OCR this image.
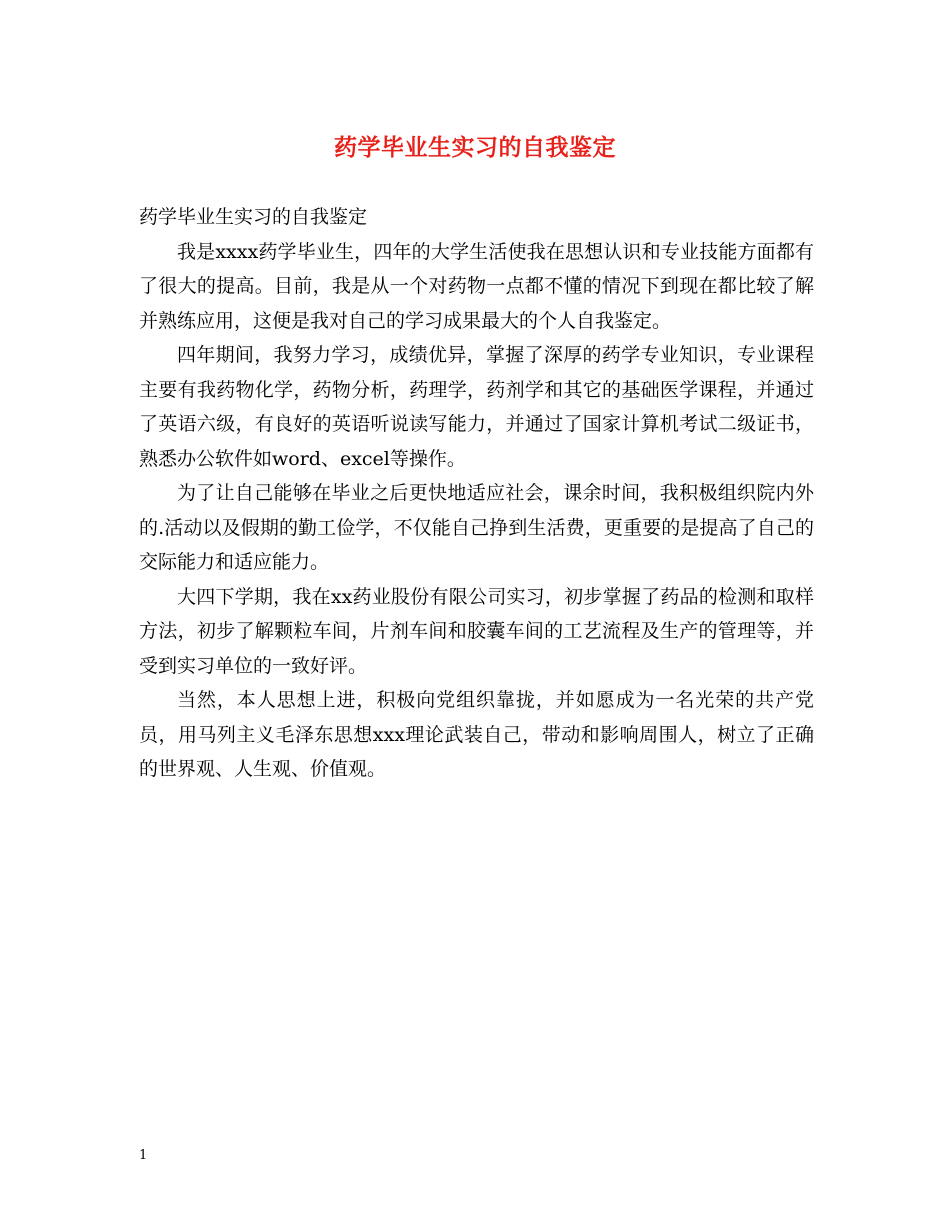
药学毕业生实习的自我鉴定

药学毕业生实习的自我鉴定

我是xxxx药学毕业生，四年的大学生活使我在思想认识和专业技能方面都有了很大的提高。目前，我是从一个对药物一点都不懂的情况下到现在都比较了解并熟练应用，这便是我对自己的学习成果最大的个人自我鉴定。

四年期间，我努力学习，成绩优异，掌握了深厚的药学专业知识，专业课程主要有我药物化学，药物分析，药理学，药剂学和其它的基础医学课程，并通过了英语六级，有良好的英语听说读写能力，并通过了国家计算机考试二级证书，熟悉办公软件如word、excel等操作。

为了让自己能够在毕业之后更快地适应社会，课余时间，我积极组织院内外的.活动以及假期的勤工俭学，不仅能自己挣到生活费，更重要的是提高了自己的交际能力和适应能力。

大四下学期，我在xx药业股份有限公司实习，初步掌握了药品的检测和取样方法，初步了解颗粒车间，片剂车间和胶囊车间的工艺流程及生产的管理等，并受到实习单位的一致好评。

当然，本人思想上进，积极向党组织靠拢，并如愿成为一名光荣的共产党员，用马列主义毛泽东思想xxx理论武装自己，带动和影响周围人，树立了正确的世界观、人生观、价值观。

1
